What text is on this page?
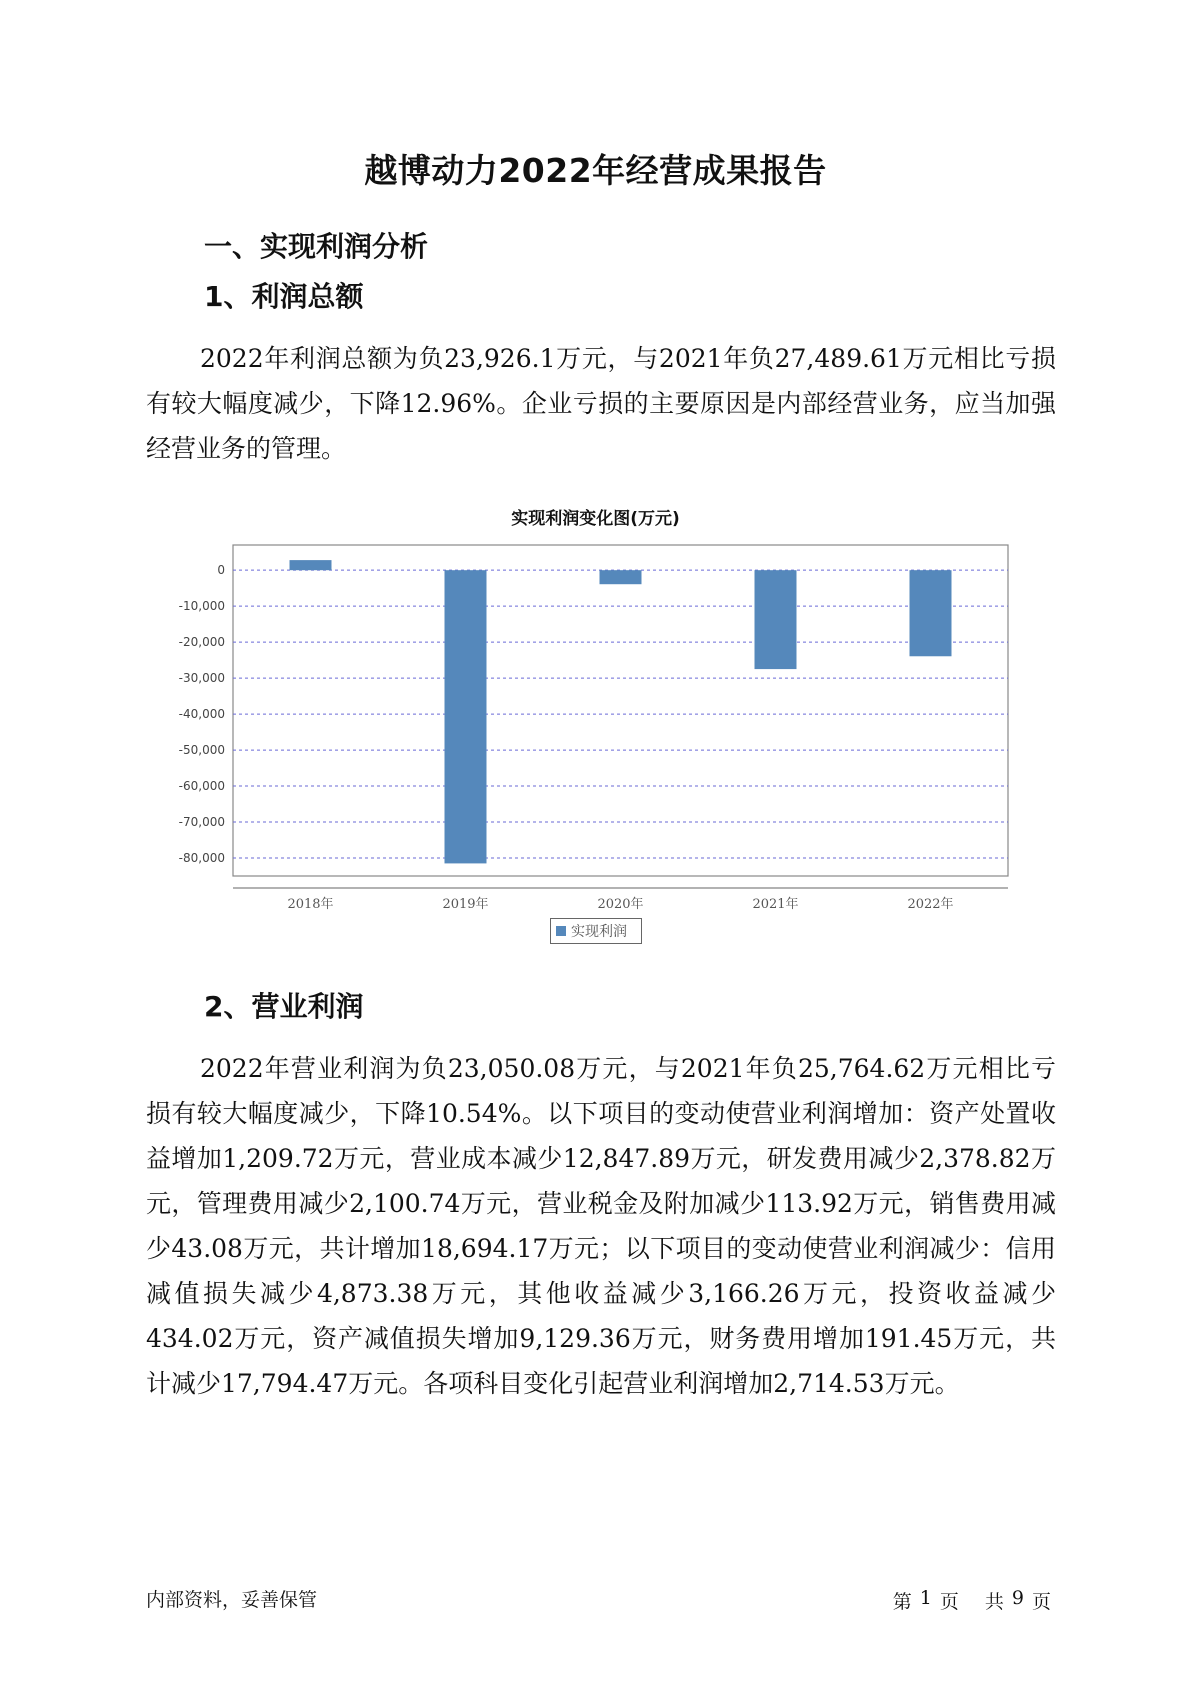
越博动力2022年经营成果报告
一、实现利润分析
1、利润总额

2022年利润总额为负23,926.1万元，与2021年负27,489.61万元相比亏损有较大幅度减少，下降12.96%。企业亏损的主要原因是内部经营业务，应当加强经营业务的管理。

实现利润变化图(万元)
0
-10,000
-20,000
-30,000
-40,000
-50,000
-60,000
-70,000
-80,000
2018年	2019年	2020年	2021年	2022年
实现利润
2、营业利润

2022年营业利润为负23,050.08万元，与2021年负25,764.62万元相比亏损有较大幅度减少，下降10.54%。以下项目的变动使营业利润增加：资产处置收益增加1,209.72万元，营业成本减少12,847.89万元，研发费用减少2,378.82万元，管理费用减少2,100.74万元，营业税金及附加减少113.92万元，销售费用减少43.08万元，共计增加18,694.17万元；以下项目的变动使营业利润减少：信用减值损失减少4,873.38万元，其他收益减少3,166.26万元，投资收益减少434.02万元，资产减值损失增加9,129.36万元，财务费用增加191.45万元，共计减少17,794.47万元。各项科目变化引起营业利润增加2,714.53万元。

内部资料，妥善保管	第 1 页 共 9 页
